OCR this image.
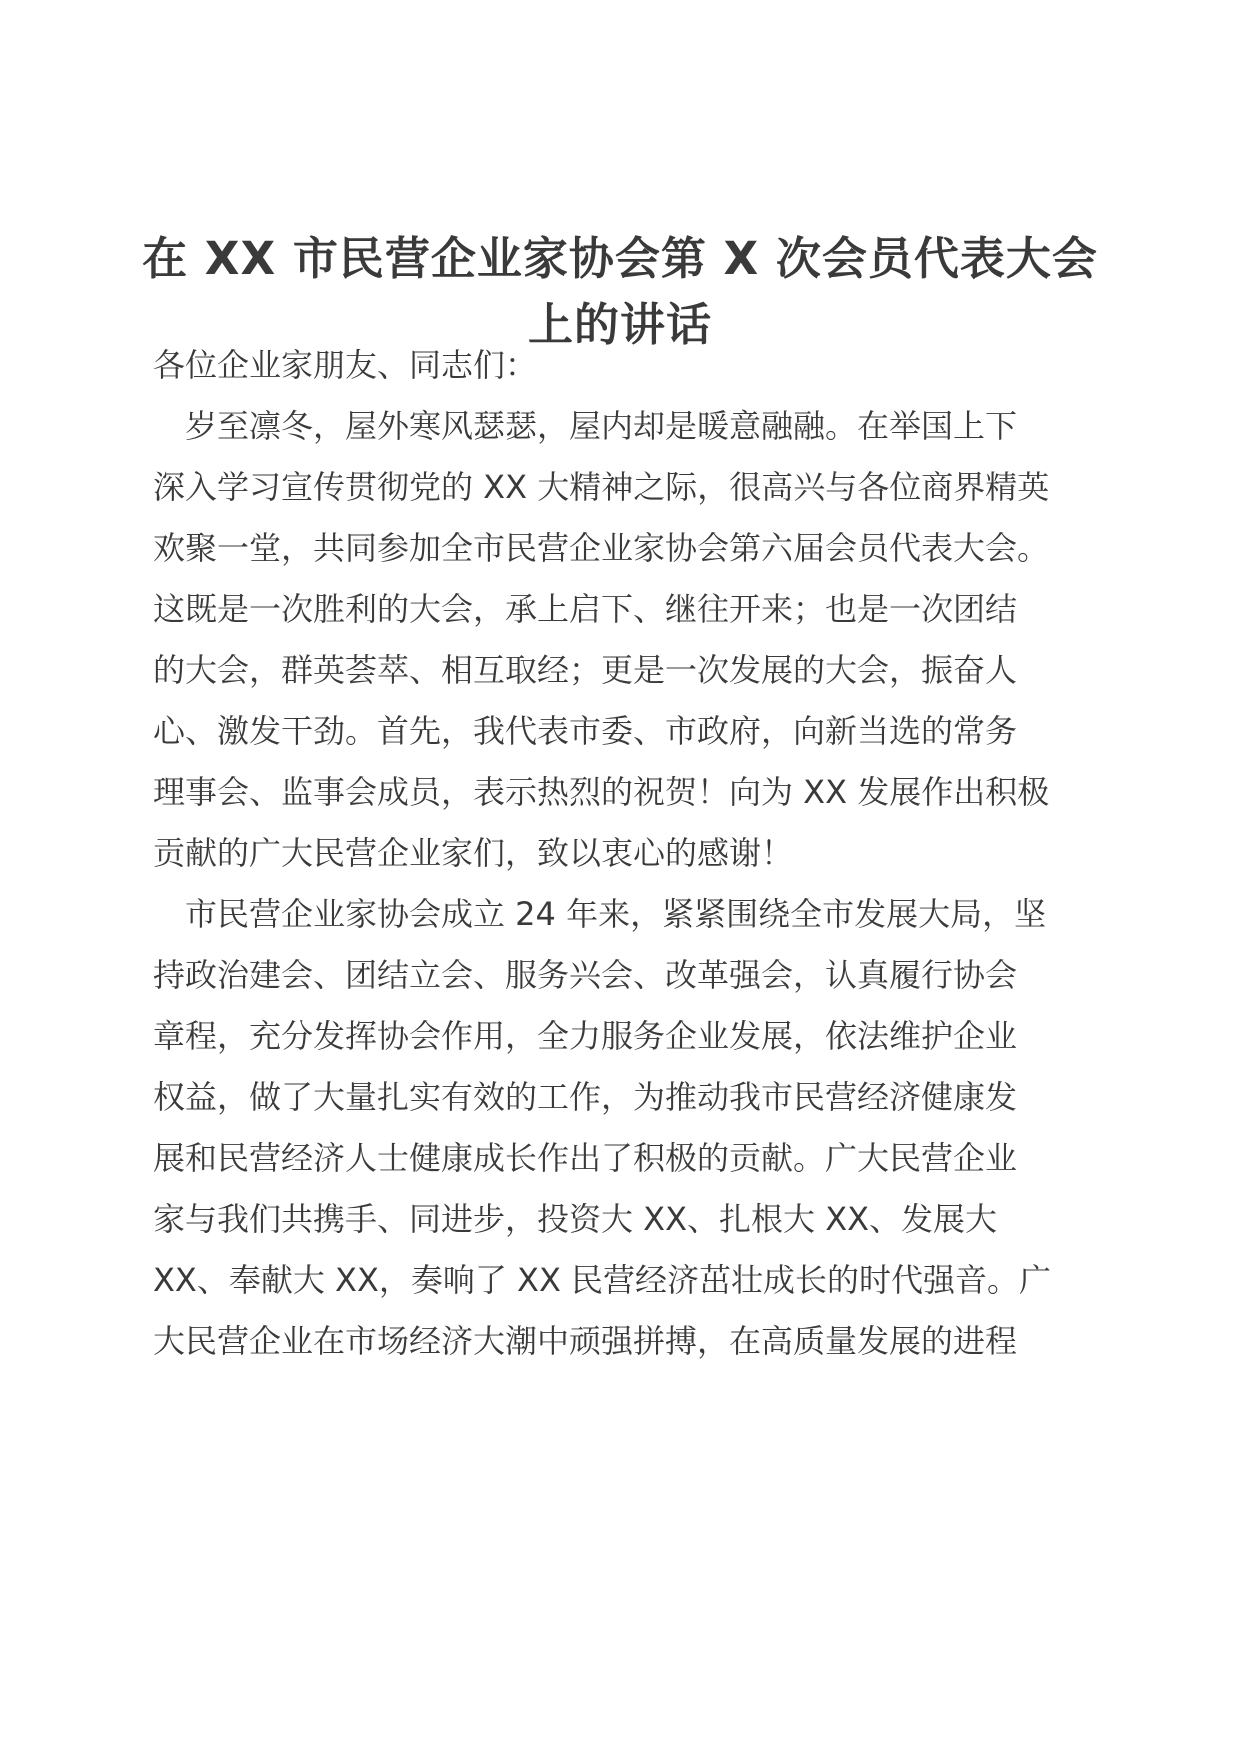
在 XX 市民营企业家协会第 X 次会员代表大会
上的讲话
各位企业家朋友、同志们：
　岁至凛冬，屋外寒风瑟瑟，屋内却是暖意融融。在举国上下
深入学习宣传贯彻党的 XX 大精神之际，很高兴与各位商界精英
欢聚一堂，共同参加全市民营企业家协会第六届会员代表大会。
这既是一次胜利的大会，承上启下、继往开来；也是一次团结
的大会，群英荟萃、相互取经；更是一次发展的大会，振奋人
心、激发干劲。首先，我代表市委、市政府，向新当选的常务
理事会、监事会成员，表示热烈的祝贺！向为 XX 发展作出积极
贡献的广大民营企业家们，致以衷心的感谢！
　市民营企业家协会成立 24 年来，紧紧围绕全市发展大局，坚
持政治建会、团结立会、服务兴会、改革强会，认真履行协会
章程，充分发挥协会作用，全力服务企业发展，依法维护企业
权益，做了大量扎实有效的工作，为推动我市民营经济健康发
展和民营经济人士健康成长作出了积极的贡献。广大民营企业
家与我们共携手、同进步，投资大 XX、扎根大 XX、发展大
XX、奉献大 XX，奏响了 XX 民营经济茁壮成长的时代强音。广
大民营企业在市场经济大潮中顽强拼搏，在高质量发展的进程
